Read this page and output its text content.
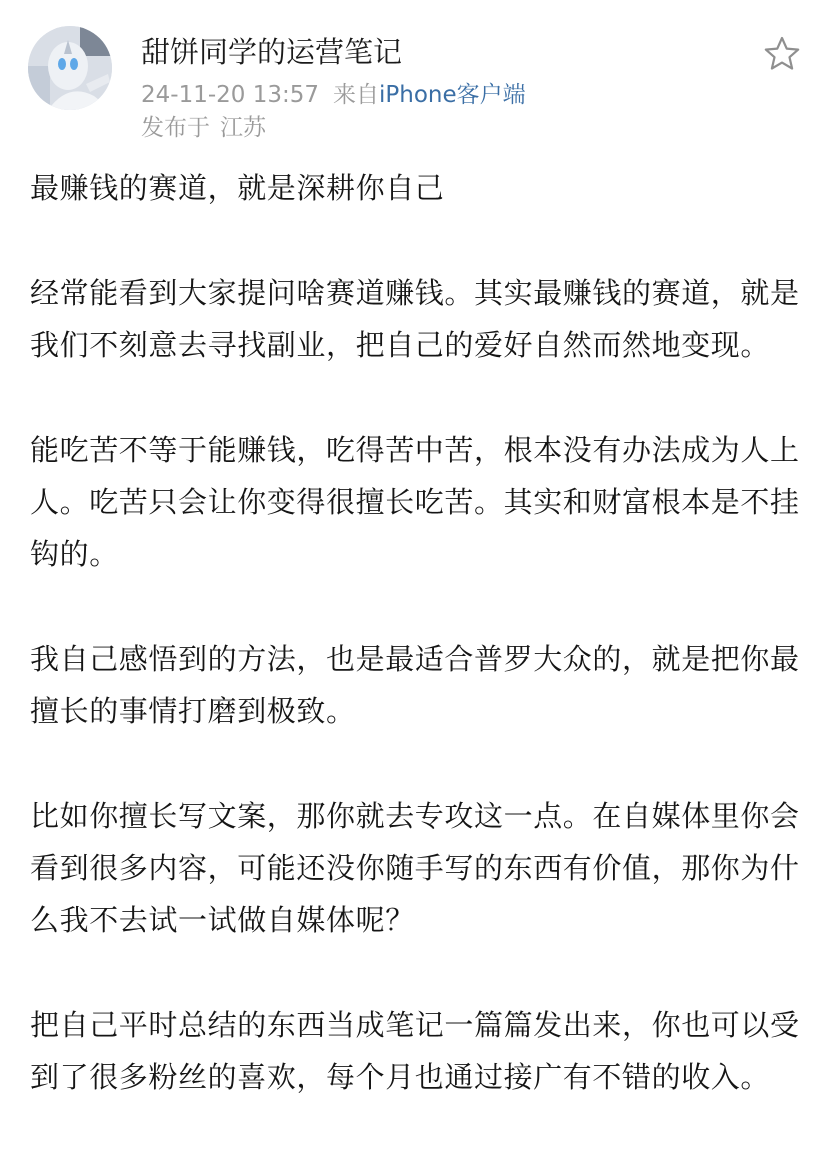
甜饼同学的运营笔记
24-11-20 13:57 来自iPhone客户端
发布于 江苏

最赚钱的赛道，就是深耕你自己

经常能看到大家提问啥赛道赚钱。其实最赚钱的赛道，就是我们不刻意去寻找副业，把自己的爱好自然而然地变现。

能吃苦不等于能赚钱，吃得苦中苦，根本没有办法成为人上人。吃苦只会让你变得很擅长吃苦。其实和财富根本是不挂钩的。

我自己感悟到的方法，也是最适合普罗大众的，就是把你最擅长的事情打磨到极致。

比如你擅长写文案，那你就去专攻这一点。在自媒体里你会看到很多内容，可能还没你随手写的东西有价值，那你为什么我不去试一试做自媒体呢？

把自己平时总结的东西当成笔记一篇篇发出来，你也可以受到了很多粉丝的喜欢，每个月也通过接广有不错的收入。
